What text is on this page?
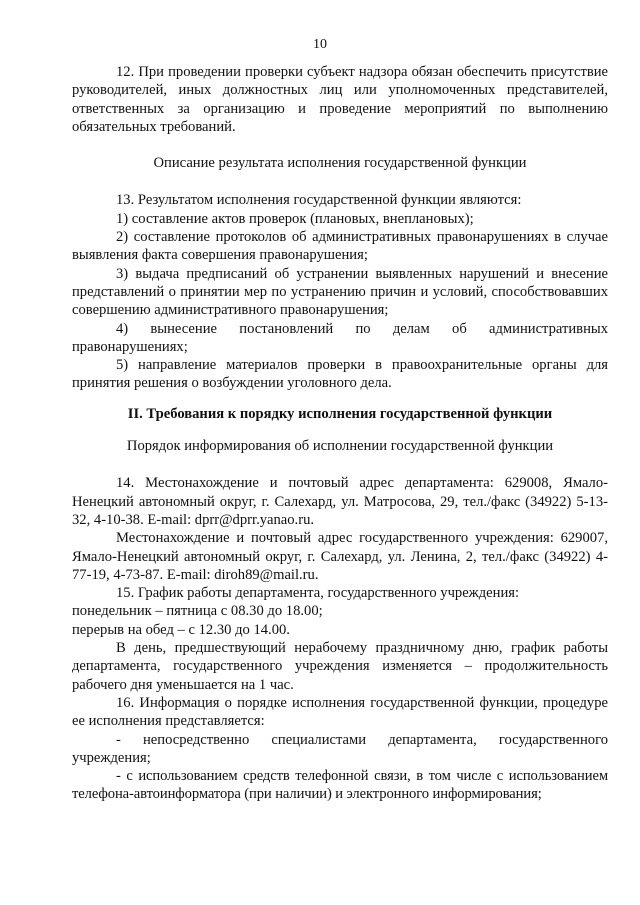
10

12. При проведении проверки субъект надзора обязан обеспечить присутствие руководителей, иных должностных лиц или уполномоченных представителей, ответственных за организацию и проведение мероприятий по выполнению обязательных требований.

Описание результата исполнения государственной функции

13. Результатом исполнения государственной функции являются:

1) составление актов проверок (плановых, внеплановых);

2) составление протоколов об административных правонарушениях в случае выявления факта совершения правонарушения;

3) выдача предписаний об устранении выявленных нарушений и внесение представлений о принятии мер по устранению причин и условий, способствовавших совершению административного правонарушения;

4) вынесение постановлений по делам об административных правонарушениях;

5) направление материалов проверки в правоохранительные органы для принятия решения о возбуждении уголовного дела.

II. Требования к порядку исполнения государственной функции

Порядок информирования об исполнении государственной функции

14. Местонахождение и почтовый адрес департамента: 629008, Ямало-Ненецкий автономный округ, г. Салехард, ул. Матросова, 29, тел./факс (34922) 5-13-32, 4-10-38. E-mail: dprr@dprr.yanao.ru.

Местонахождение и почтовый адрес государственного учреждения: 629007, Ямало-Ненецкий автономный округ, г. Салехард, ул. Ленина, 2, тел./факс (34922) 4-77-19, 4-73-87. E-mail: diroh89@mail.ru.

15. График работы департамента, государственного учреждения:

понедельник – пятница с 08.30 до 18.00;

перерыв на обед – с 12.30 до 14.00.

В день, предшествующий нерабочему праздничному дню, график работы департамента, государственного учреждения изменяется – продолжительность рабочего дня уменьшается на 1 час.

16. Информация о порядке исполнения государственной функции, процедуре ее исполнения представляется:

- непосредственно специалистами департамента, государственного учреждения;

- с использованием средств телефонной связи, в том числе с использованием телефона-автоинформатора (при наличии) и электронного информирования;
